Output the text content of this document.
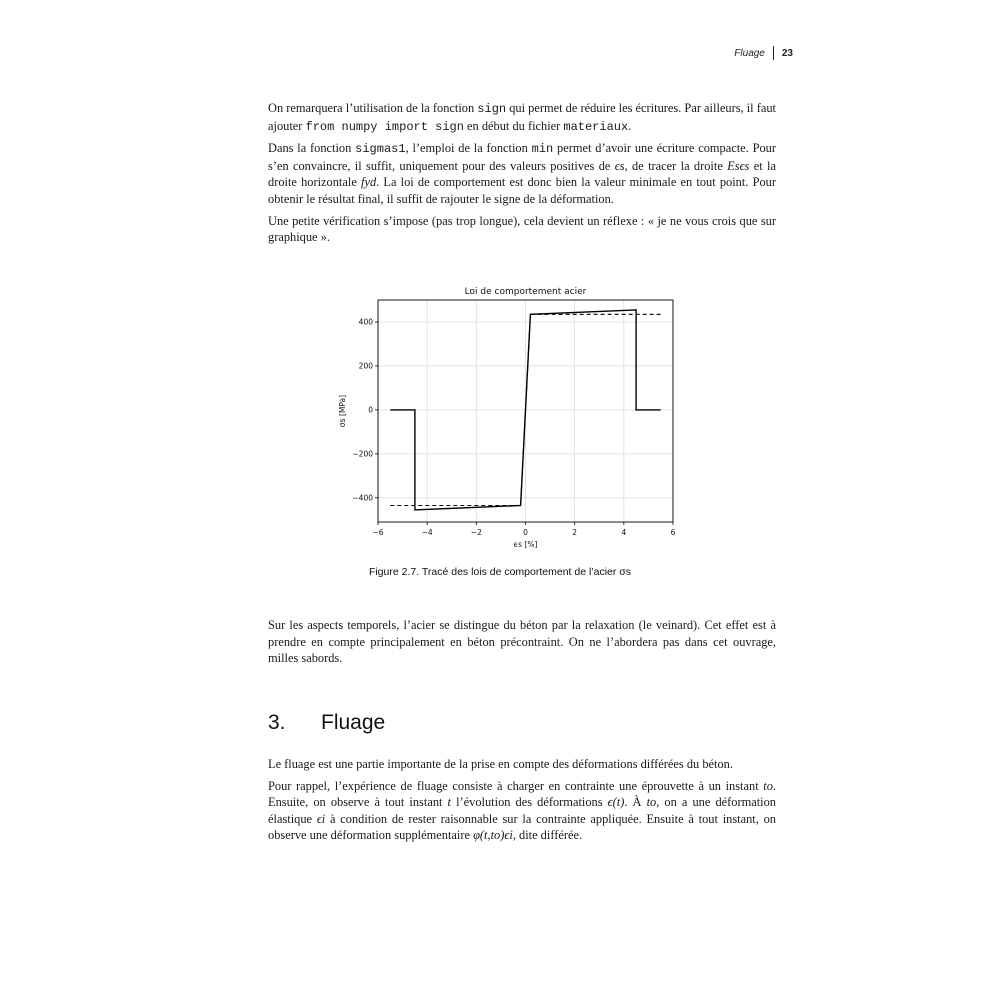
Fluage 23

On remarquera l’utilisation de la fonction sign qui permet de réduire les écritures. Par ailleurs, il faut ajouter from numpy import sign en début du fichier materiaux.

Dans la fonction sigmas1, l’emploi de la fonction min permet d’avoir une écriture compacte. Pour s’en convaincre, il suffit, uniquement pour des valeurs positives de ϵs, de tracer la droite Esϵs et la droite horizontale fyd. La loi de comportement est donc bien la valeur minimale en tout point. Pour obtenir le résultat final, il suffit de rajouter le signe de la déformation.

Une petite vérification s’impose (pas trop longue), cela devient un réflexe : « je ne vous crois que sur graphique ».

−6	−4	−2	0	2	4	6
−400
−200
0
200
400
Loi de comportement acier
ϵs [%]
σs [MPa]
Figure 2.7. Tracé des lois de comportement de l’acier σs

Sur les aspects temporels, l’acier se distingue du béton par la relaxation (le veinard). Cet effet est à prendre en compte principalement en béton précontraint. On ne l’abordera pas dans cet ouvrage, milles sabords.

3. Fluage

Le fluage est une partie importante de la prise en compte des déformations différées du béton.

Pour rappel, l’expérience de fluage consiste à charger en contrainte une éprouvette à un instant to. Ensuite, on observe à tout instant t l’évolution des déformations ϵ(t). À to, on a une déformation élastique ϵi à condition de rester raisonnable sur la contrainte appliquée. Ensuite à tout instant, on observe une déformation supplémentaire φ(t,to)ϵi, dite différée.
